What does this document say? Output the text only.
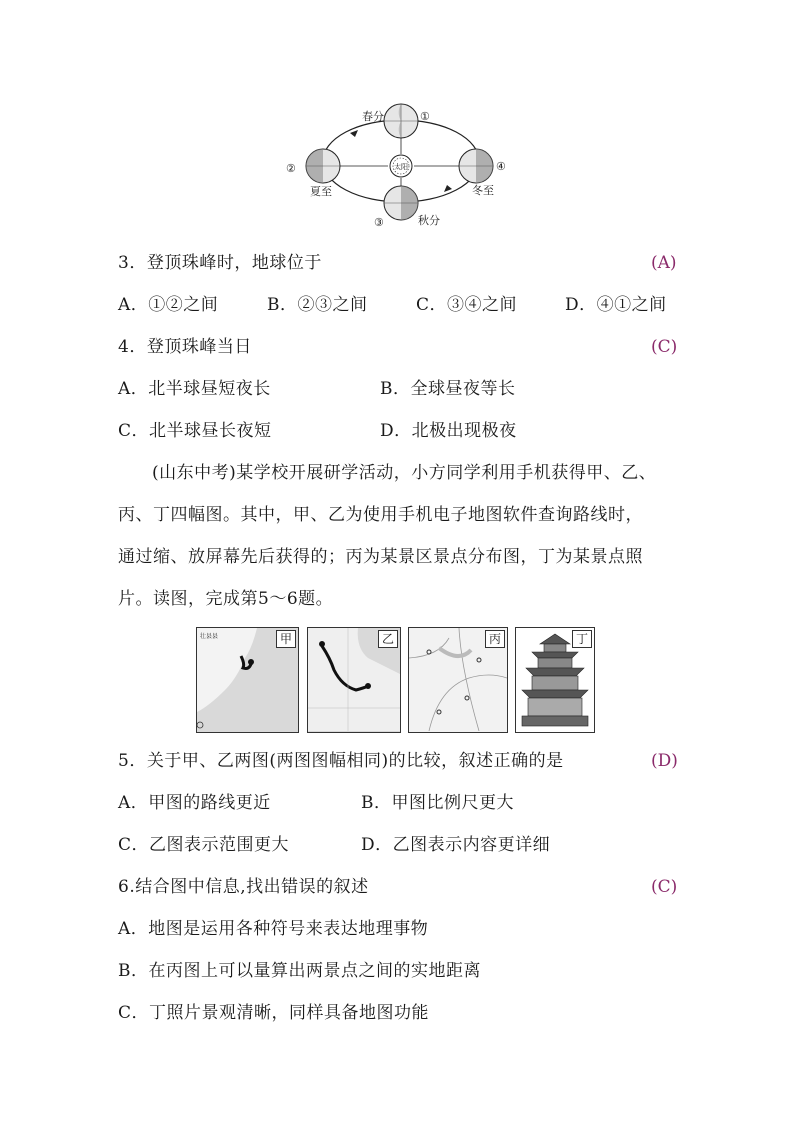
太阳
春分	①
②
夏至
④
冬至
③	秋分
3．登顶珠峰时，地球位于	(A)
A．①②之间	B．②③之间	C．③④之间	D．④①之间
4．登顶珠峰当日	(C)
A．北半球昼短夜长	B．全球昼夜等长
C．北半球昼长夜短	D．北极出现极夜
(山东中考)某学校开展研学活动，小方同学利用手机获得甲、乙、
丙、丁四幅图。其中，甲、乙为使用手机电子地图软件查询路线时，
通过缩、放屏幕先后获得的；丙为某景区景点分布图，丁为某景点照
片。读图，完成第5～6题。
壮县县	甲	乙	丙	丁
5．关于甲、乙两图(两图图幅相同)的比较，叙述正确的是	(D)
A．甲图的路线更近	B．甲图比例尺更大
C．乙图表示范围更大	D．乙图表示内容更详细
6.结合图中信息,找出错误的叙述	(C)
A．地图是运用各种符号来表达地理事物
B．在丙图上可以量算出两景点之间的实地距离
C．丁照片景观清晰，同样具备地图功能
